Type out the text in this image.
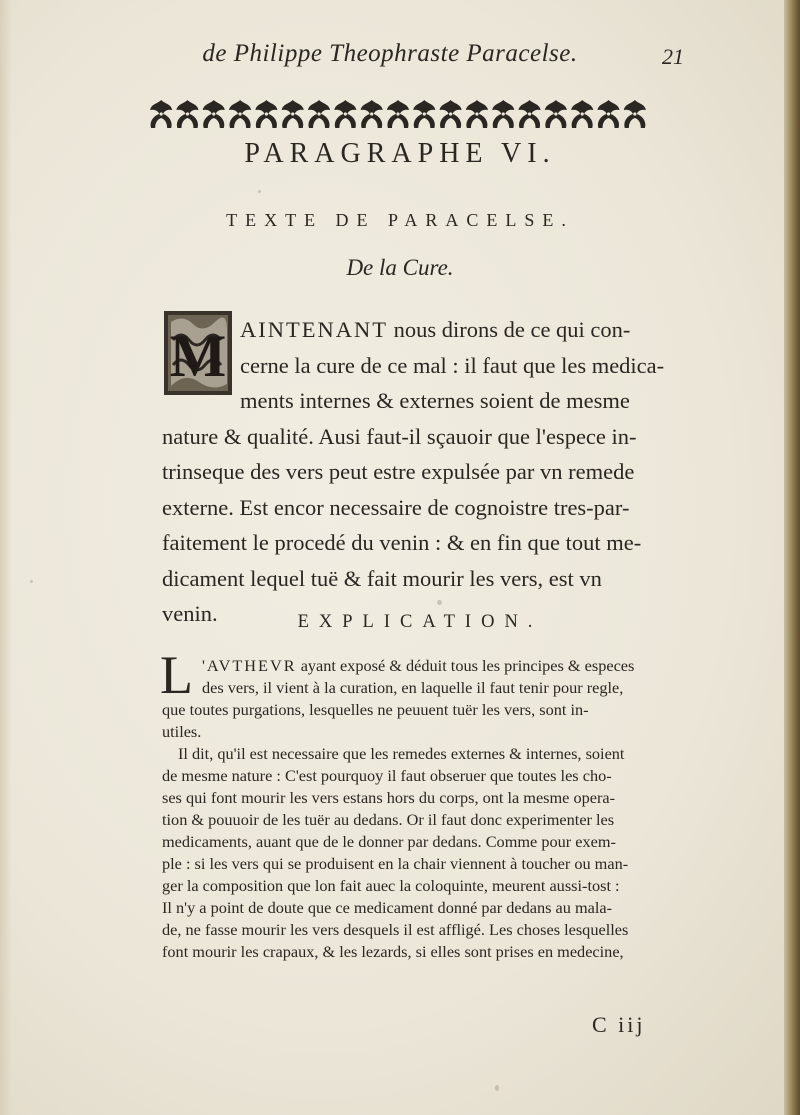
de Philippe Theophraste Paracelse.	21
PARAGRAPHE VI.
TEXTE DE PARACELSE.
De la Cure.
M AINTENANT nous dirons de ce qui con-
cerne la cure de ce mal : il faut que les medica-
ments internes & externes soient de mesme
nature & qualité. Ausi faut-il sçauoir que l'espece in-
trinseque des vers peut estre expulsée par vn remede
externe. Est encor necessaire de cognoistre tres-par-
faitement le procedé du venin : & en fin que tout me-
dicament lequel tuë & fait mourir les vers, est vn
venin.	EXPLICATION.
L 'AVTHEVR ayant exposé & déduit tous les principes & especes
des vers, il vient à la curation, en laquelle il faut tenir pour regle,
que toutes purgations, lesquelles ne peuuent tuër les vers, sont in-
utiles.
Il dit, qu'il est necessaire que les remedes externes & internes, soient
de mesme nature : C'est pourquoy il faut obseruer que toutes les cho-
ses qui font mourir les vers estans hors du corps, ont la mesme opera-
tion & pouuoir de les tuër au dedans. Or il faut donc experimenter les
medicaments, auant que de le donner par dedans. Comme pour exem-
ple : si les vers qui se produisent en la chair viennent à toucher ou man-
ger la composition que lon fait auec la coloquinte, meurent aussi-tost :
Il n'y a point de doute que ce medicament donné par dedans au mala-
de, ne fasse mourir les vers desquels il est affligé. Les choses lesquelles
font mourir les crapaux, & les lezards, si elles sont prises en medecine,
C iij
